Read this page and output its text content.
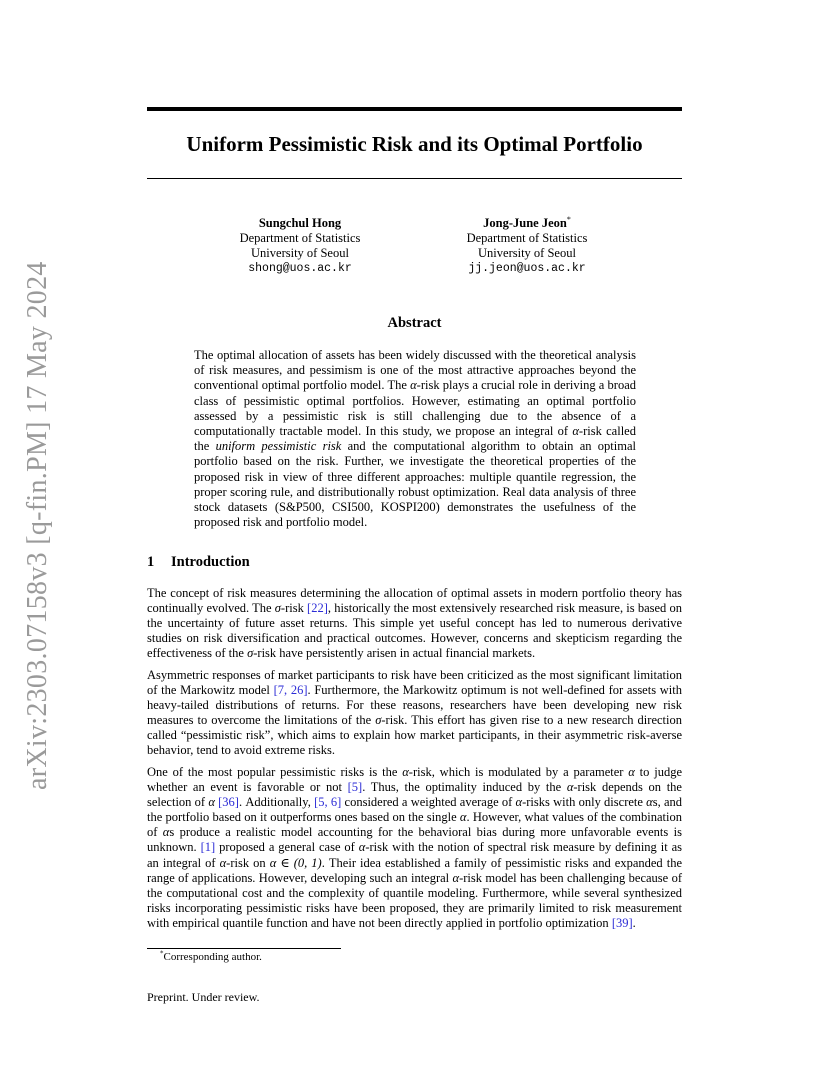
arXiv:2303.07158v3 [q-fin.PM] 17 May 2024
Uniform Pessimistic Risk and its Optimal Portfolio
Sungchul Hong
Department of Statistics
University of Seoul
shong@uos.ac.kr
Jong-June Jeon*
Department of Statistics
University of Seoul
jj.jeon@uos.ac.kr
Abstract
The optimal allocation of assets has been widely discussed with the theoretical analysis of risk measures, and pessimism is one of the most attractive approaches beyond the conventional optimal portfolio model. The α-risk plays a crucial role in deriving a broad class of pessimistic optimal portfolios. However, estimating an optimal portfolio assessed by a pessimistic risk is still challenging due to the absence of a computationally tractable model. In this study, we propose an integral of α-risk called the uniform pessimistic risk and the computational algorithm to obtain an optimal portfolio based on the risk. Further, we investigate the theoretical properties of the proposed risk in view of three different approaches: multiple quantile regression, the proper scoring rule, and distributionally robust optimization. Real data analysis of three stock datasets (S&P500, CSI500, KOSPI200) demonstrates the usefulness of the proposed risk and portfolio model.
1 Introduction
The concept of risk measures determining the allocation of optimal assets in modern portfolio theory has continually evolved. The σ-risk [22], historically the most extensively researched risk measure, is based on the uncertainty of future asset returns. This simple yet useful concept has led to numerous derivative studies on risk diversification and practical outcomes. However, concerns and skepticism regarding the effectiveness of the σ-risk have persistently arisen in actual financial markets.
Asymmetric responses of market participants to risk have been criticized as the most significant limitation of the Markowitz model [7, 26]. Furthermore, the Markowitz optimum is not well-defined for assets with heavy-tailed distributions of returns. For these reasons, researchers have been developing new risk measures to overcome the limitations of the σ-risk. This effort has given rise to a new research direction called “pessimistic risk”, which aims to explain how market participants, in their asymmetric risk-averse behavior, tend to avoid extreme risks.
One of the most popular pessimistic risks is the α-risk, which is modulated by a parameter α to judge whether an event is favorable or not [5]. Thus, the optimality induced by the α-risk depends on the selection of α [36]. Additionally, [5, 6] considered a weighted average of α-risks with only discrete αs, and the portfolio based on it outperforms ones based on the single α. However, what values of the combination of αs produce a realistic model accounting for the behavioral bias during more unfavorable events is unknown. [1] proposed a general case of α-risk with the notion of spectral risk measure by defining it as an integral of α-risk on α ∈ (0, 1). Their idea established a family of pessimistic risks and expanded the range of applications. However, developing such an integral α-risk model has been challenging because of the computational cost and the complexity of quantile modeling. Furthermore, while several synthesized risks incorporating pessimistic risks have been proposed, they are primarily limited to risk measurement with empirical quantile function and have not been directly applied in portfolio optimization [39].
*Corresponding author.
Preprint. Under review.
